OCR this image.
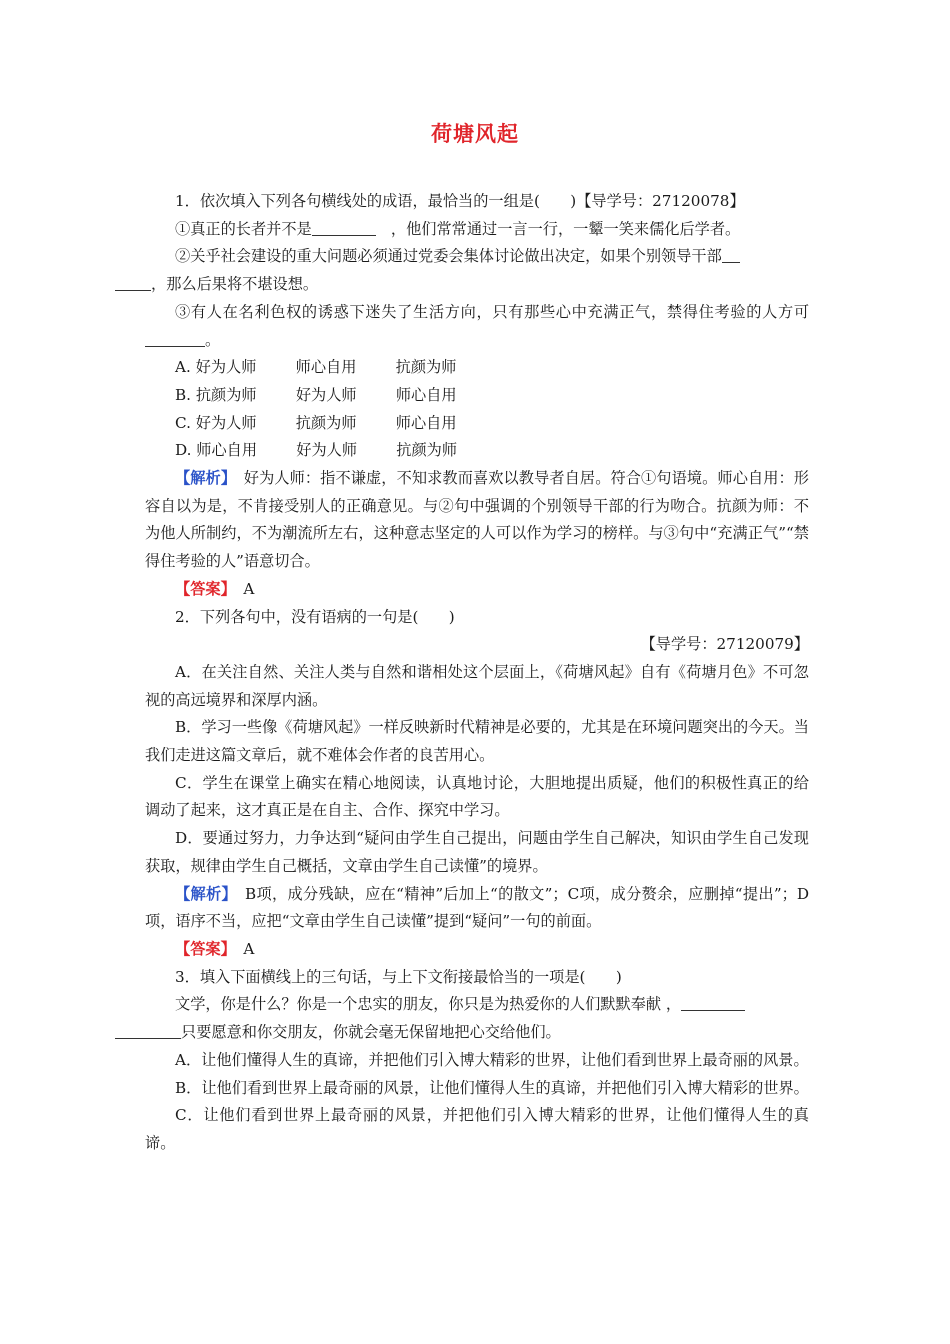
荷塘风起

1．依次填入下列各句横线处的成语，最恰当的一组是(　　)【导学号：27120078】

①真正的长者并不是　	，他们常常通过一言一行，一颦一笑来儒化后学者。

②关乎社会建设的重大问题必须通过党委会集体讨论做出决定，如果个别领导干部
，那么后果将不堪设想。

③有人在名利色权的诱惑下迷失了生活方向，只有那些心中充满正气，禁得住考验的人方可。

A. 好为人师	师心自用	抗颜为师

B. 抗颜为师	好为人师	师心自用

C. 好为人师	抗颜为师	师心自用

D. 师心自用	好为人师	抗颜为师

【解析】　好为人师：指不谦虚，不知求教而喜欢以教导者自居。符合①句语境。师心自用：形容自以为是，不肯接受别人的正确意见。与②句中强调的个别领导干部的行为吻合。抗颜为师：不为他人所制约，不为潮流所左右，这种意志坚定的人可以作为学习的榜样。与③句中“充满正气”“禁得住考验的人”语意切合。

【答案】　A

2．下列各句中，没有语病的一句是(　　)

【导学号：27120079】

A．在关注自然、关注人类与自然和谐相处这个层面上，《荷塘风起》自有《荷塘月色》不可忽视的高远境界和深厚内涵。

B．学习一些像《荷塘风起》一样反映新时代精神是必要的，尤其是在环境问题突出的今天。当我们走进这篇文章后，就不难体会作者的良苦用心。

C．学生在课堂上确实在精心地阅读，认真地讨论，大胆地提出质疑，他们的积极性真正的给调动了起来，这才真正是在自主、合作、探究中学习。

D．要通过努力，力争达到“疑问由学生自己提出，问题由学生自己解决，知识由学生自己发现获取，规律由学生自己概括，文章由学生自己读懂”的境界。

【解析】　B项，成分残缺，应在“精神”后加上“的散文”；C项，成分赘余，应删掉“提出”；D项，语序不当，应把“文章由学生自己读懂”提到“疑问”一句的前面。

【答案】　A

3．填入下面横线上的三句话，与上下文衔接最恰当的一项是(　　)

文学，你是什么？你是一个忠实的朋友，你只是为热爱你的人们默默奉献 ，
只要愿意和你交朋友，你就会毫无保留地把心交给他们。

A．让他们懂得人生的真谛，并把他们引入博大精彩的世界，让他们看到世界上最奇丽的风景。

B．让他们看到世界上最奇丽的风景，让他们懂得人生的真谛，并把他们引入博大精彩的世界。

C．让他们看到世界上最奇丽的风景，并把他们引入博大精彩的世界，让他们懂得人生的真谛。
